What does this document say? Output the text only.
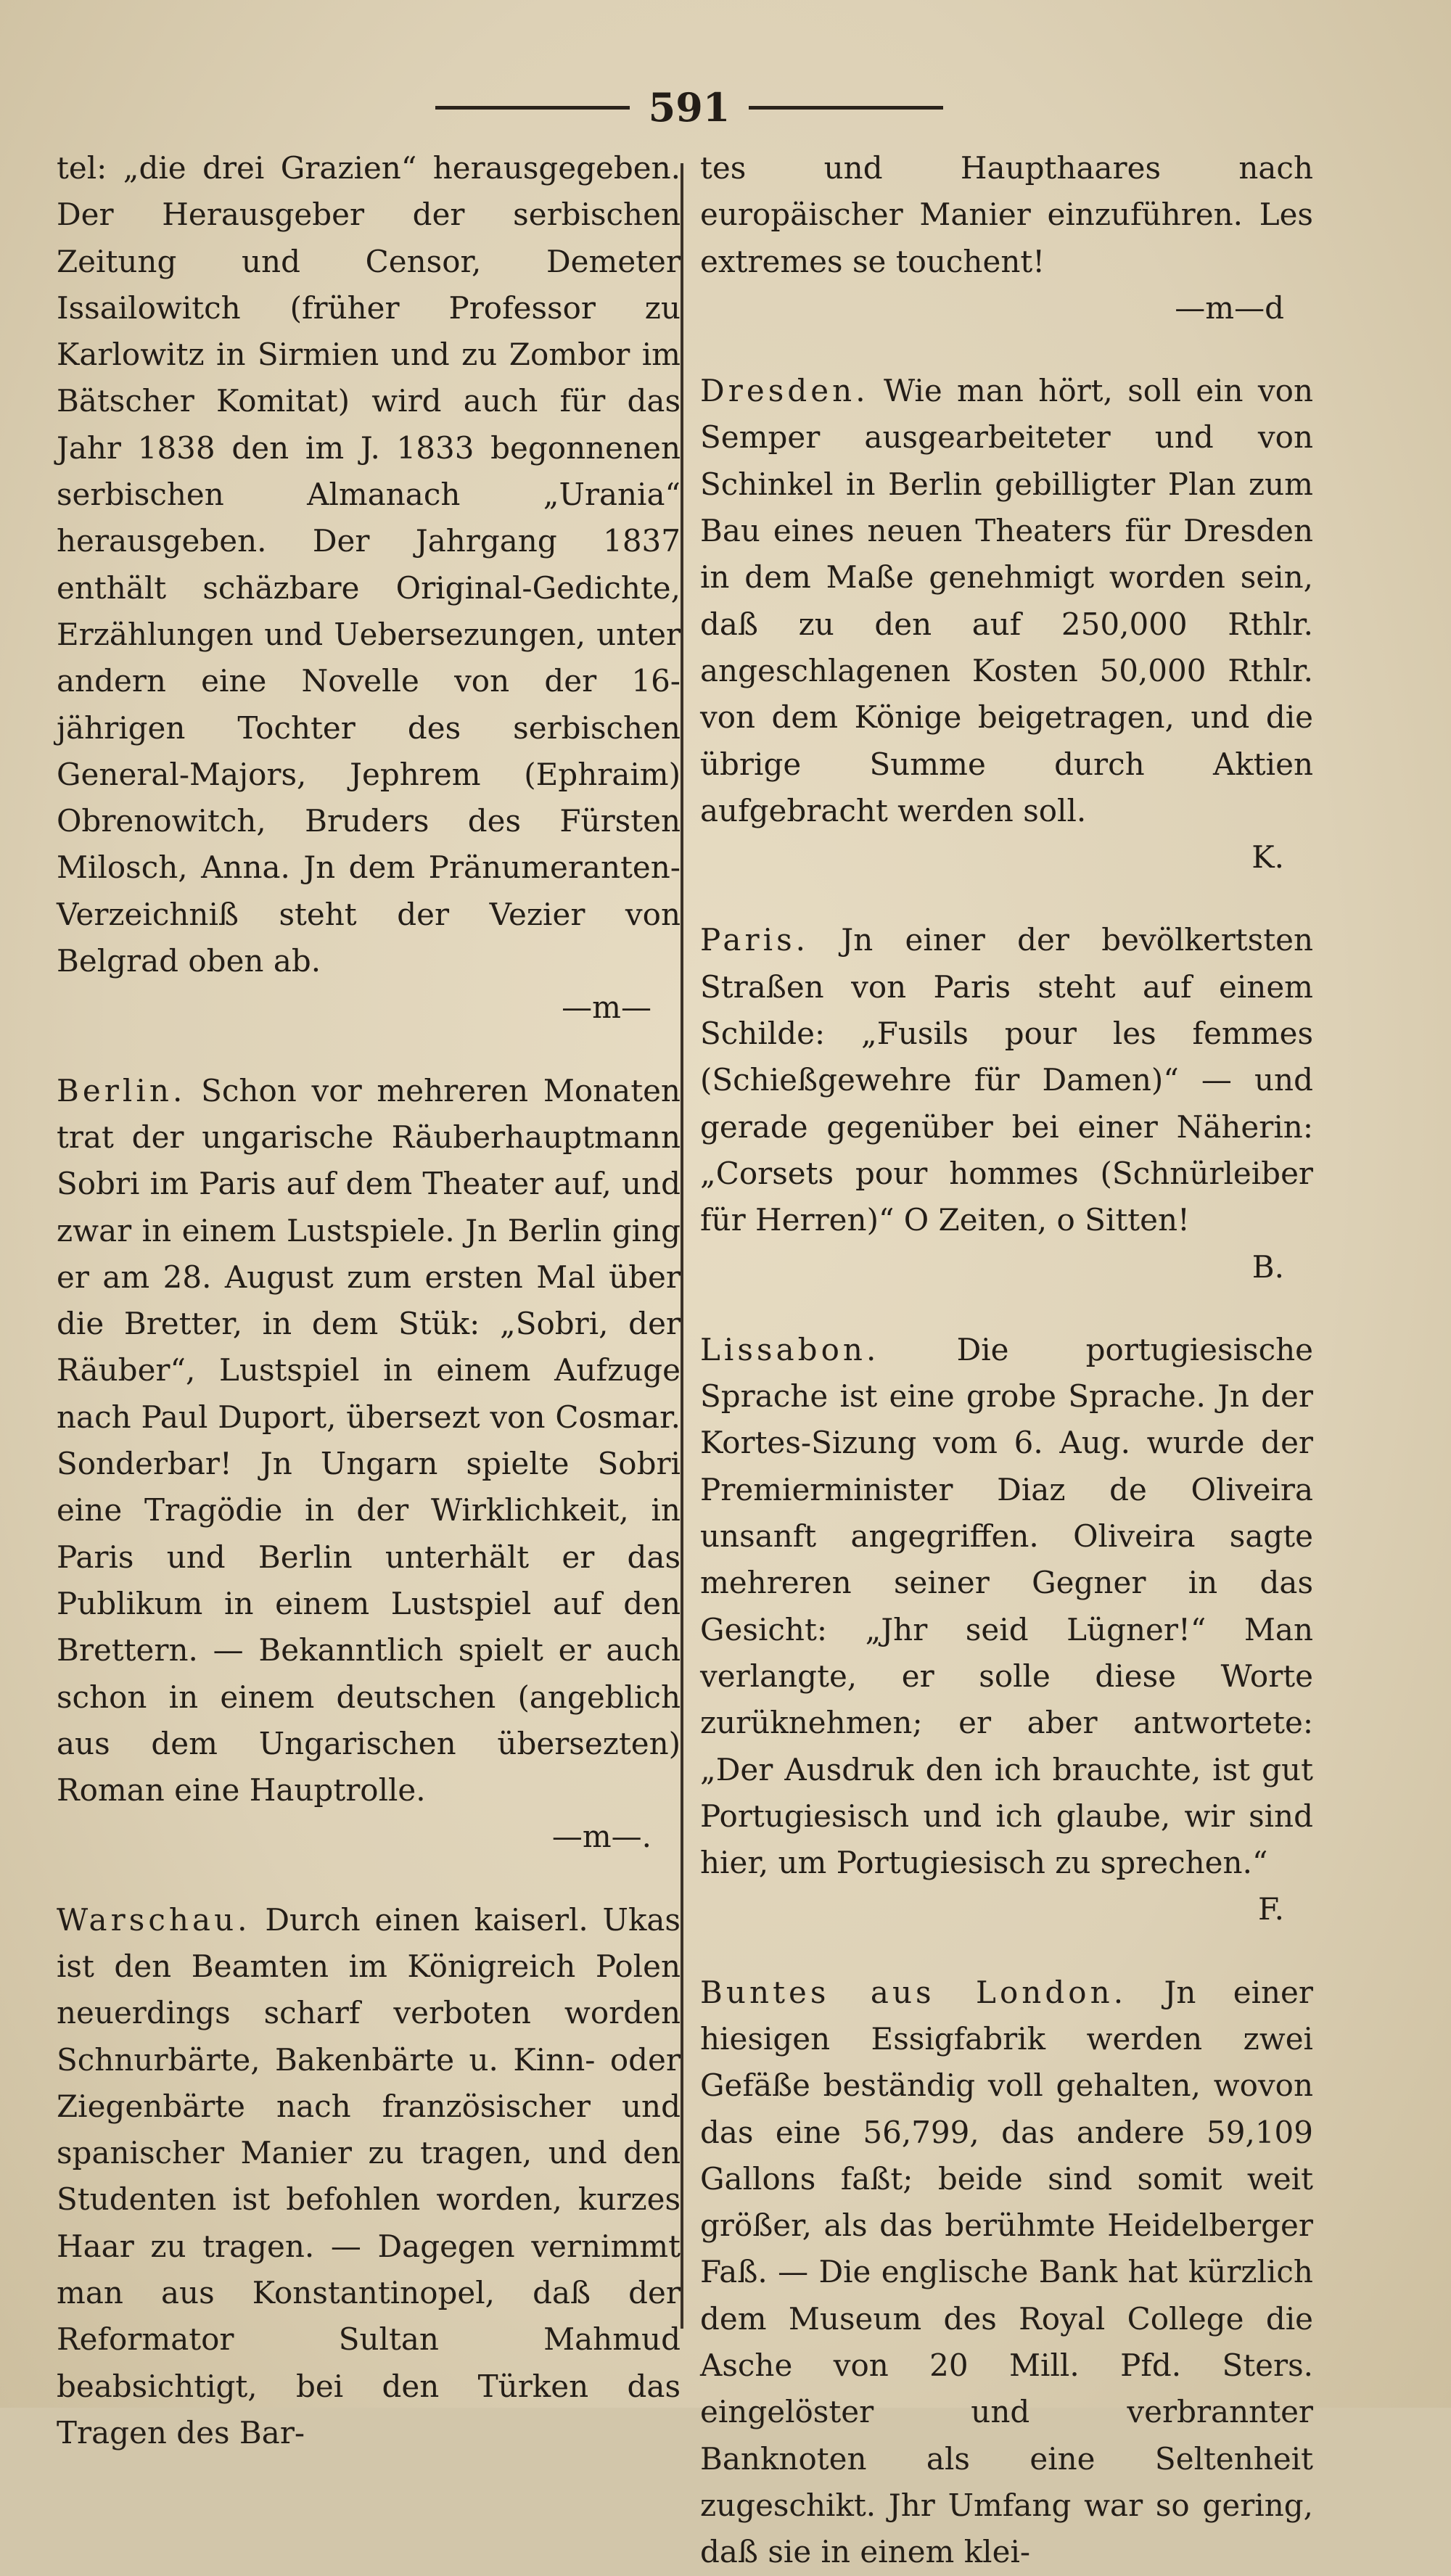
591

tel: „die drei Grazien“ herausgegeben. Der Herausgeber der serbischen Zeitung und Censor, Demeter Issailowitch (früher Professor zu Karlowitz in Sirmien und zu Zombor im Bätscher Komitat) wird auch für das Jahr 1838 den im J. 1833 begonnenen serbischen Almanach „Urania“ herausgeben. Der Jahrgang 1837 enthält schäzbare Original-Gedichte, Erzählungen und Uebersezungen, unter andern eine Novelle von der 16-jährigen Tochter des serbischen General-Majors, Jephrem (Ephraim) Obrenowitch, Bruders des Fürsten Milosch, Anna. Jn dem Pränumeranten-Verzeichniß steht der Vezier von Belgrad oben ab.
—m—

Berlin. Schon vor mehreren Monaten trat der ungarische Räuberhauptmann Sobri im Paris auf dem Theater auf, und zwar in einem Lustspiele. Jn Berlin ging er am 28. August zum ersten Mal über die Bretter, in dem Stük: „Sobri, der Räuber“, Lustspiel in einem Aufzuge nach Paul Duport, übersezt von Cosmar. Sonderbar! Jn Ungarn spielte Sobri eine Tragödie in der Wirklichkeit, in Paris und Berlin unterhält er das Publikum in einem Lustspiel auf den Brettern. — Bekanntlich spielt er auch schon in einem deutschen (angeblich aus dem Ungarischen übersezten) Roman eine Hauptrolle.
—m—.

Warschau. Durch einen kaiserl. Ukas ist den Beamten im Königreich Polen neuerdings scharf verboten worden Schnurbärte, Bakenbärte u. Kinn- oder Ziegenbärte nach französischer und spanischer Manier zu tragen, und den Studenten ist befohlen worden, kurzes Haar zu tragen. — Dagegen vernimmt man aus Konstantinopel, daß der Reformator Sultan Mahmud beabsichtigt, bei den Türken das Tragen des Bar-

tes und Haupthaares nach europäischer Manier einzuführen. Les extremes se touchent!
—m—d

Dresden. Wie man hört, soll ein von Semper ausgearbeiteter und von Schinkel in Berlin gebilligter Plan zum Bau eines neuen Theaters für Dresden in dem Maße genehmigt worden sein, daß zu den auf 250,000 Rthlr. angeschlagenen Kosten 50,000 Rthlr. von dem Könige beigetragen, und die übrige Summe durch Aktien aufgebracht werden soll.
K.

Paris. Jn einer der bevölkertsten Straßen von Paris steht auf einem Schilde: „Fusils pour les femmes (Schießgewehre für Damen)“ — und gerade gegenüber bei einer Näherin: „Corsets pour hommes (Schnürleiber für Herren)“ O Zeiten, o Sitten!
B.

Lissabon.	Die portugiesische Sprache ist eine grobe Sprache. Jn der Kortes-Sizung vom 6. Aug. wurde der Premierminister Diaz de Oliveira unsanft angegriffen. Oliveira sagte mehreren seiner Gegner in das Gesicht: „Jhr seid Lügner!“ Man verlangte, er solle diese Worte zurüknehmen; er aber antwortete: „Der Ausdruk den ich brauchte, ist gut Portugiesisch und ich glaube, wir sind hier, um Portugiesisch zu sprechen.“
F.

Buntes aus London. Jn einer hiesigen Essigfabrik werden zwei Gefäße beständig voll gehalten, wovon das eine 56,799, das andere 59,109 Gallons faßt; beide sind somit weit größer, als das berühmte Heidelberger Faß. — Die englische Bank hat kürzlich dem Museum des Royal College die Asche von 20 Mill. Pfd. Sters. eingelöster und verbrannter Banknoten als eine Seltenheit zugeschikt. Jhr Umfang war so gering, daß sie in einem klei-
